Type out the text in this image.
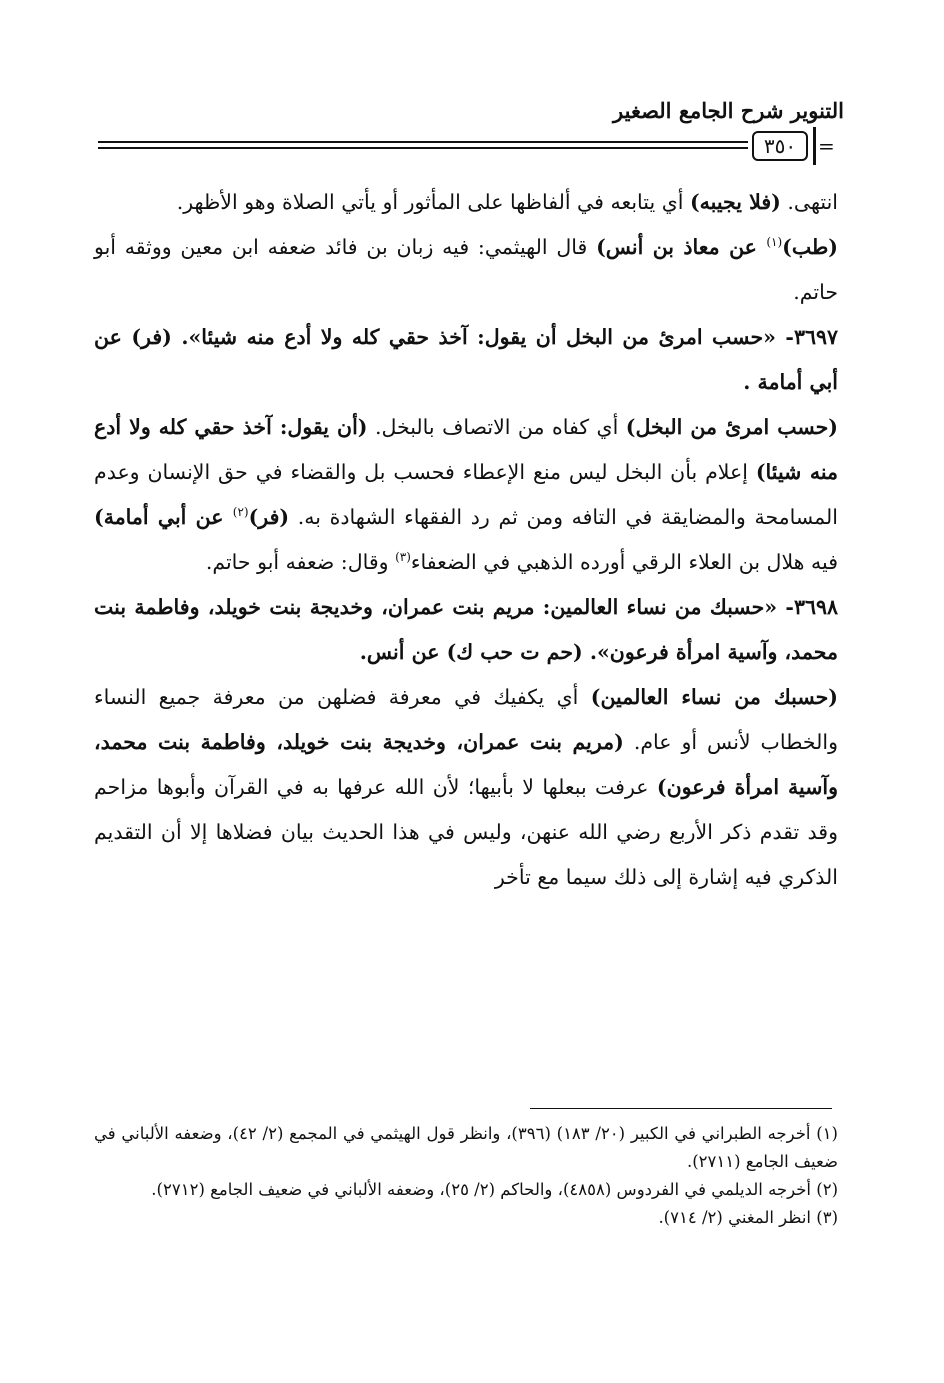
التنوير شرح الجامع الصغير
٣٥٠	=

انتهى. (فلا يجيبه) أي يتابعه في ألفاظها على المأثور أو يأتي الصلاة وهو الأظهر.

(طب)$^{(١)}$ عن معاذ بن أنس) قال الهيثمي: فيه زبان بن فائد ضعفه ابن معين ووثقه أبو حاتم.

٣٦٩٧- «حسب امرئ من البخل أن يقول: آخذ حقي كله ولا أدع منه شيئا». (فر) عن أبي أمامة .

(حسب امرئ من البخل) أي كفاه من الاتصاف بالبخل. (أن يقول: آخذ حقي كله ولا أدع منه شيئا) إعلام بأن البخل ليس منع الإعطاء فحسب بل والقضاء في حق الإنسان وعدم المسامحة والمضايقة في التافه ومن ثم رد الفقهاء الشهادة به. (فر)$^{(٢)}$ عن أبي أمامة) فيه هلال بن العلاء الرقي أورده الذهبي في الضعفاء$^{(٣)}$ وقال: ضعفه أبو حاتم.

٣٦٩٨- «حسبك من نساء العالمين: مريم بنت عمران، وخديجة بنت خويلد، وفاطمة بنت محمد، وآسية امرأة فرعون». (حم ت حب ك) عن أنس.

(حسبك من نساء العالمين) أي يكفيك في معرفة فضلهن من معرفة جميع النساء والخطاب لأنس أو عام. (مريم بنت عمران، وخديجة بنت خويلد، وفاطمة بنت محمد، وآسية امرأة فرعون) عرفت ببعلها لا بأبيها؛ لأن الله عرفها به في القرآن وأبوها مزاحم وقد تقدم ذكر الأربع رضي الله عنهن، وليس في هذا الحديث بيان فضلاها إلا أن التقديم الذكري فيه إشارة إلى ذلك سيما مع تأخر

(١) أخرجه الطبراني في الكبير (٢٠/ ١٨٣) (٣٩٦)، وانظر قول الهيثمي في المجمع (٢/ ٤٢)، وضعفه الألباني في ضعيف الجامع (٢٧١١).

(٢) أخرجه الديلمي في الفردوس (٤٨٥٨)، والحاكم (٢/ ٢٥)، وضعفه الألباني في ضعيف الجامع (٢٧١٢).

(٣) انظر المغني (٢/ ٧١٤).
